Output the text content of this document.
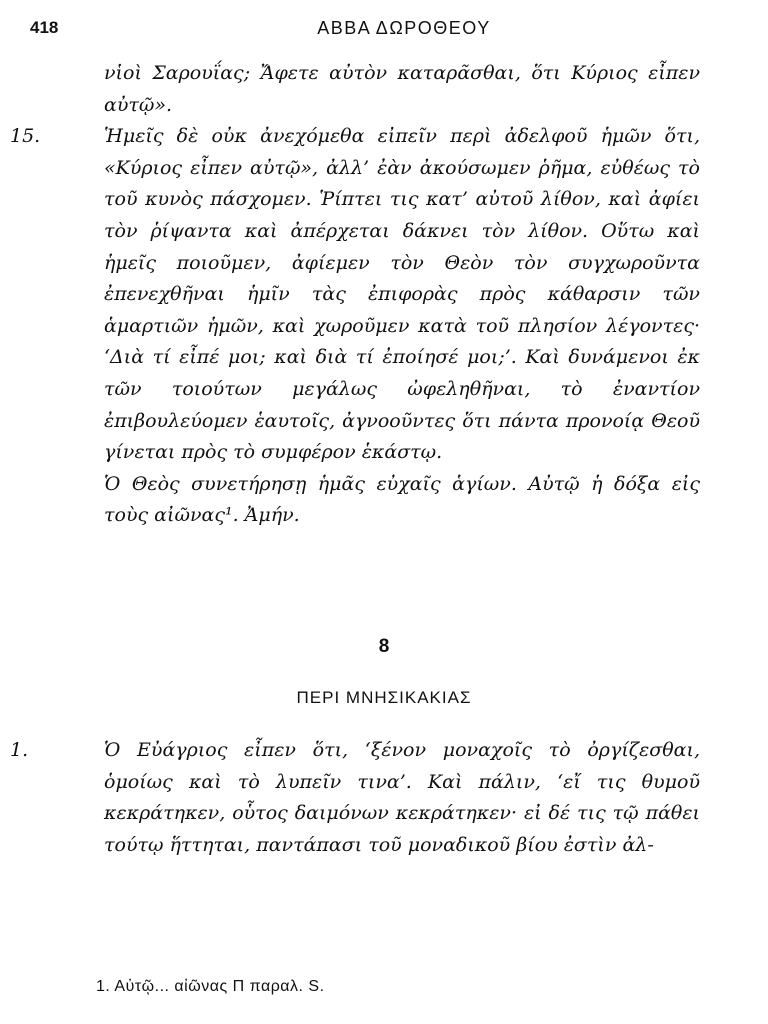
418	ΑΒΒΑ ΔΩΡΟΘΕΟΥ

νἱοὶ Σαρουΐας; Ἄφετε αὐτὸν καταρᾶσθαι, ὅτι Κύριος εἶπεν αὐτῷ».

15.	Ἡμεῖς δὲ οὐκ ἀνεχόμεθα εἰπεῖν περὶ ἀδελφοῦ ἡμῶν ὅτι, «Κύριος εἶπεν αὐτῷ», ἀλλ’ ἐὰν ἀκούσωμεν ῥῆμα, εὐθέως τὸ τοῦ κυνὸς πάσχομεν. Ῥίπτει τις κατ’ αὐτοῦ λίθον, καὶ ἀφίει τὸν ῥίψαντα καὶ ἀπέρχεται δάκνει τὸν λίθον. Οὕτω καὶ ἡμεῖς ποιοῦμεν, ἀφίεμεν τὸν Θεὸν τὸν συγχωροῦντα ἐπενεχθῆναι ἡμῖν τὰς ἐπιφορὰς πρὸς κάθαρσιν τῶν ἁμαρτιῶν ἡμῶν, καὶ χωροῦμεν κατὰ τοῦ πλησίον λέγοντες· ‘Διὰ τί εἶπέ μοι; καὶ διὰ τί ἐποίησέ μοι;’. Καὶ δυνάμενοι ἐκ τῶν τοιούτων μεγάλως ὠφεληθῆναι, τὸ ἐναντίον ἐπιβουλεύομεν ἑαυτοῖς, ἀγνοοῦντες ὅτι πάντα προνοίᾳ Θεοῦ γίνεται πρὸς τὸ συμφέρον ἑκάστῳ.

Ὁ Θεὸς συνετήρησῃ ἡμᾶς εὐχαῖς ἁγίων. Αὐτῷ ἡ δόξα εἰς τοὺς αἰῶνας¹. Ἀμήν.

8
ΠΕΡΙ ΜΝΗΣΙΚΑΚΙΑΣ

1.	Ὁ Εὐάγριος εἶπεν ὅτι, ‘ξένον μοναχοῖς τὸ ὀργίζεσθαι, ὁμοίως καὶ τὸ λυπεῖν τινα’. Καὶ πάλιν, ‘εἴ τις θυμοῦ κεκράτηκεν, οὗτος δαιμόνων κεκράτηκεν· εἰ δέ τις τῷ πάθει τούτῳ ἥττηται, παντάπασι τοῦ μοναδικοῦ βίου ἐστὶν ἀλ-

1. Αὐτῷ... αἰῶνας Π παραλ. S.
